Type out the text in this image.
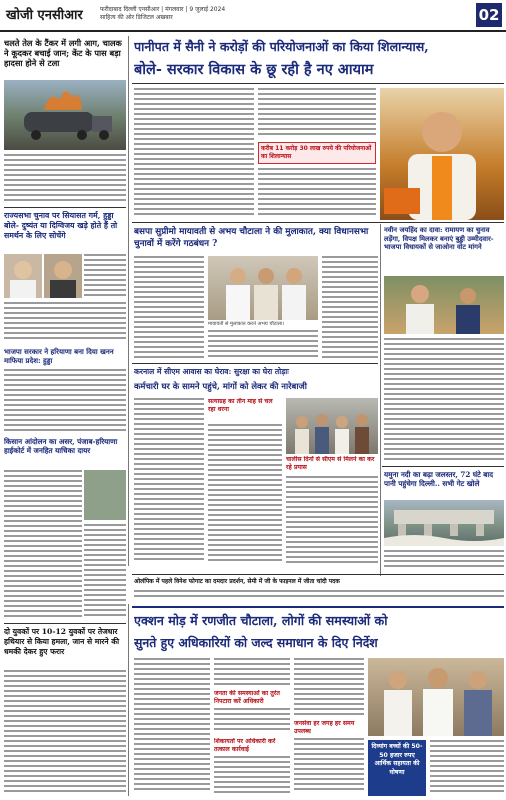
खोजी एनसीआर	फरीदाबाद दिल्ली एनसीआर | मंगलवार | 9 जुलाई 2024
साहित्य की ओर डिजिटल अखबार	02
चलते तेल के टैंकर में लगी आग, चालक ने कूदकर बचाई जान; केंट के पास बड़ा हादसा होने से टला
राज्यसभा चुनाव पर सियासत गर्म, हुड्डा बोले- दुष्यंत या दिग्विजय खड़े होते हैं तो समर्थन के लिए सोचेंगे
भाजपा सरकार ने हरियाणा बना दिया खनन माफिया प्रदेश: हुड्डा
किसान आंदोलन का असर, पंजाब-हरियाणा हाईकोर्ट में जनहित याचिका दायर
दो युवकों पर 10-12 युवकों पर तेजधार हथियार से किया हमला, जान से मारने की धमकी देकर हुए फरार
पानीपत में सैनी ने करोड़ों की परियोजनाओं का किया शिलान्यास,
बोले- सरकार विकास के छू रही है नए आयाम
करीब 11 करोड़ 30 लाख रुपये की परियोजनाओं का शिलान्यास
बसपा सुप्रीमो मायावती से अभय चौटाला ने की मुलाकात, क्या विधानसभा चुनावों में करेंगे गठबंधन ?
मायावती से मुलाकात करते अभय चौटाला।
नवीन जयहिंद का दावा: रामायण का चुनाव लड़ेंगा, विपक्ष मिलकर बनाएं बुड्ढी उम्मीदवार- भाजपा विधायकों से जाओना वोट मांगने
करनाल में सीएम आवास का घेराव: सुरक्षा का घेरा तोड़ाः
कर्मचारी घर के सामने पहुंचे, मांगों को लेकर की नारेबाजी
सत्याग्रह का तीन माह से चल रहा धरना
चालीस दिनों से सीएम से मिलने का कर रहे प्रयास
यमुना नदी का बढ़ा जलस्तर, 72 घंटे बाद पानी पहुंचेगा दिल्ली.. सभी गेट खोले
ओलंपिक में पहले विनेश फोगाट का दमदार प्रदर्शन, सेमी में जी के फाइनल में जीता चांदी पदक
एक्शन मोड़ में रणजीत चौटाला, लोगों की समस्याओं को
सुनते हुए अधिकारियों को जल्द समाधान के दिए निर्देश
जनता की समस्याओं का तुरंत निपटारा करें अधिकारी
शिकायतों पर अधिकारी करें तत्काल कार्रवाई
जनसेवा हर जगह हर समय उपलब्ध
दिव्यांग बच्चों की 50-50 हजार रुपए आर्थिक सहायता की घोषणा
